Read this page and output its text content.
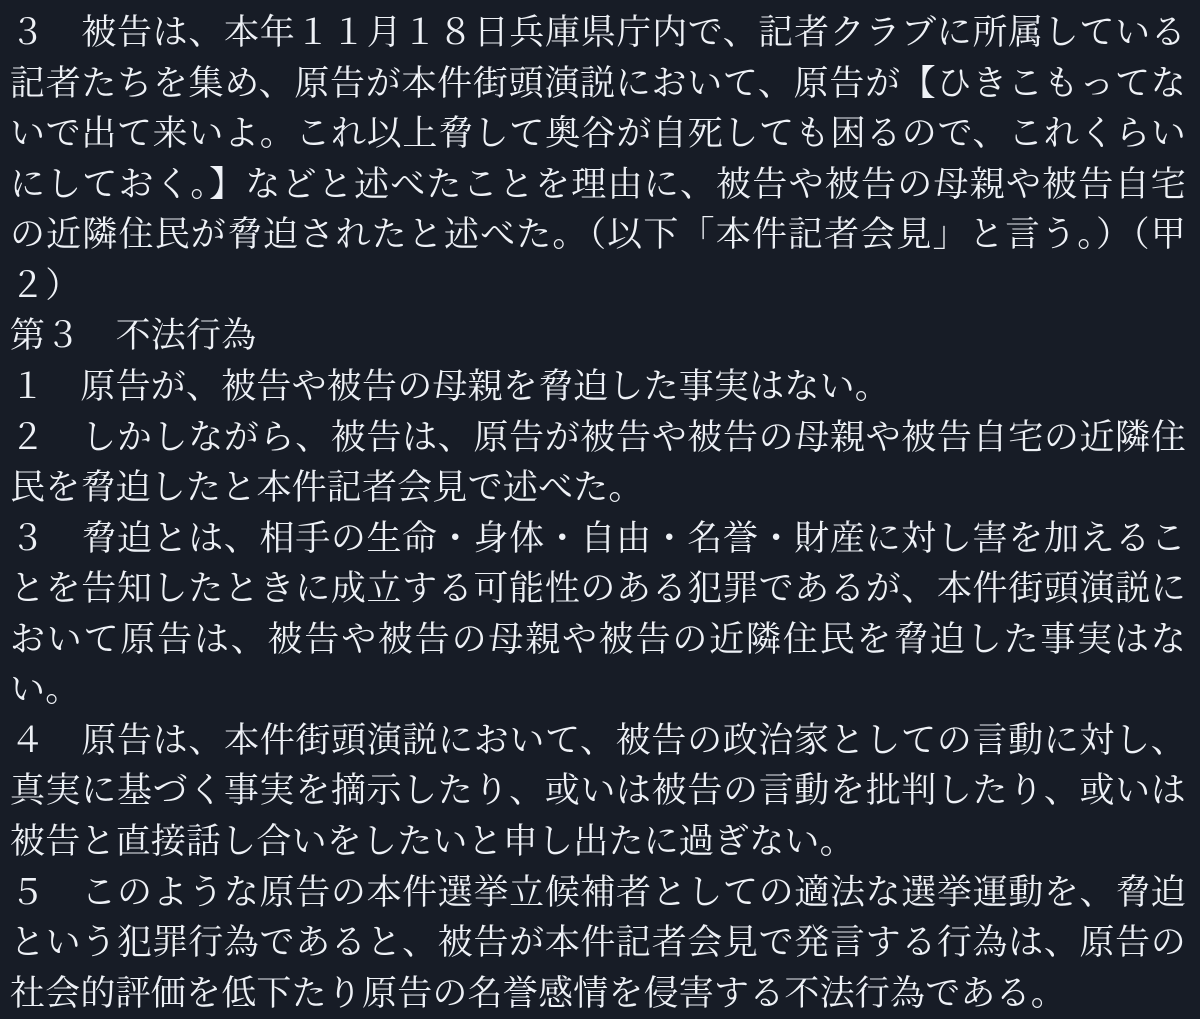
３　被告は、本年１１月１８日兵庫県庁内で、記者クラブに所属している記者たちを集め、原告が本件街頭演説において、原告が【ひきこもってないで出て来いよ。これ以上脅して奥谷が自死しても困るので、これくらいにしておく。】などと述べたことを理由に、被告や被告の母親や被告自宅の近隣住民が脅迫されたと述べた。（以下「本件記者会見」と言う。）（甲２）

第３　不法行為

１　原告が、被告や被告の母親を脅迫した事実はない。

２　しかしながら、被告は、原告が被告や被告の母親や被告自宅の近隣住民を脅迫したと本件記者会見で述べた。

３　脅迫とは、相手の生命・身体・自由・名誉・財産に対し害を加えることを告知したときに成立する可能性のある犯罪であるが、本件街頭演説において原告は、被告や被告の母親や被告の近隣住民を脅迫した事実はない。

４　原告は、本件街頭演説において、被告の政治家としての言動に対し、真実に基づく事実を摘示したり、或いは被告の言動を批判したり、或いは被告と直接話し合いをしたいと申し出たに過ぎない。

５　このような原告の本件選挙立候補者としての適法な選挙運動を、脅迫という犯罪行為であると、被告が本件記者会見で発言する行為は、原告の社会的評価を低下たり原告の名誉感情を侵害する不法行為である。
